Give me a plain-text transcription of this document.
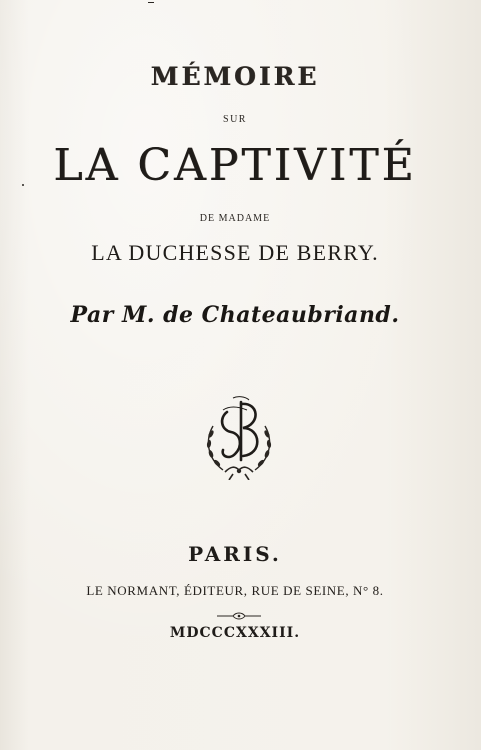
MÉMOIRE
SUR
LA CAPTIVITÉ
DE MADAME
LA DUCHESSE DE BERRY.
Par M. de Chateaubriand.
PARIS.
LE NORMANT, ÉDITEUR, RUE DE SEINE, N° 8.
MDCCCXXXIII.
